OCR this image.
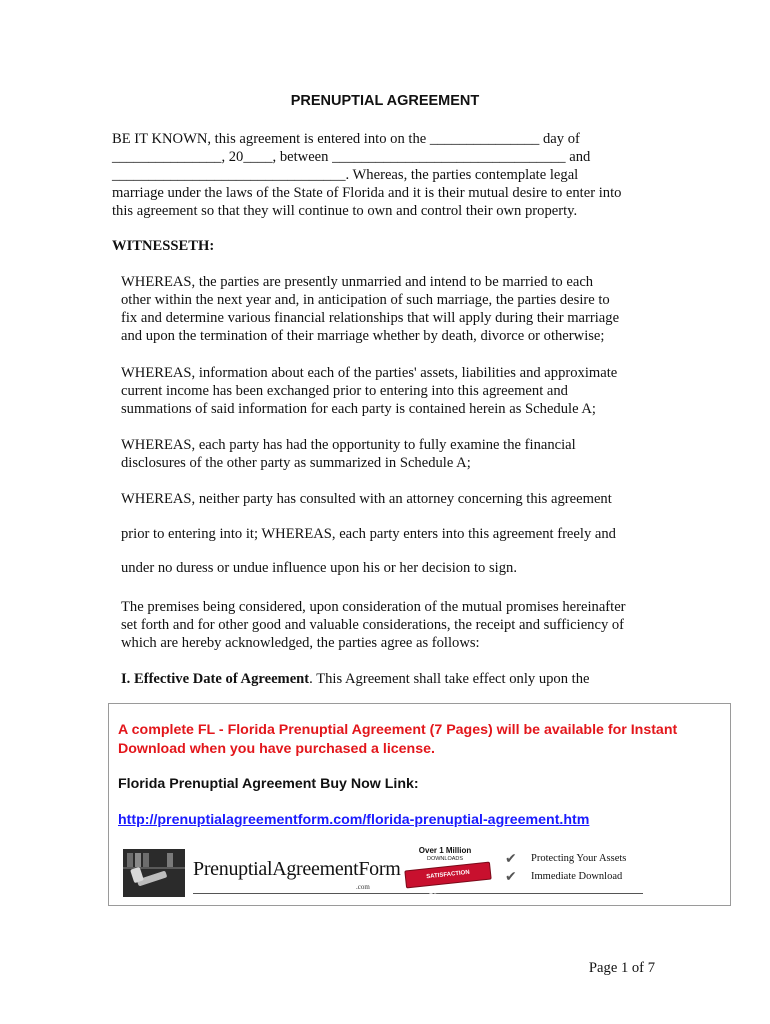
PRENUPTIAL AGREEMENT
BE IT KNOWN, this agreement is entered into on the _______________ day of
_______________, 20____, between ________________________________ and
________________________________. Whereas, the parties contemplate legal
marriage under the laws of the State of Florida and it is their mutual desire to enter into
this agreement so that they will continue to own and control their own property.
WITNESSETH:
WHEREAS, the parties are presently unmarried and intend to be married to each
other within the next year and, in anticipation of such marriage, the parties desire to
fix and determine various financial relationships that will apply during their marriage
and upon the termination of their marriage whether by death, divorce or otherwise;
WHEREAS, information about each of the parties' assets, liabilities and approximate
current income has been exchanged prior to entering into this agreement and
summations of said information for each party is contained herein as Schedule A;
WHEREAS, each party has had the opportunity to fully examine the financial
disclosures of the other party as summarized in Schedule A;
WHEREAS, neither party has consulted with an attorney concerning this agreement
prior to entering into it; WHEREAS, each party enters into this agreement freely and
under no duress or undue influence upon his or her decision to sign.
The premises being considered, upon consideration of the mutual promises hereinafter
set forth and for other good and valuable considerations, the receipt and sufficiency of
which are hereby acknowledged, the parties agree as follows:
I. Effective Date of Agreement. This Agreement shall take effect only upon the
A complete FL - Florida Prenuptial Agreement (7 Pages) will be available for Instant Download when you have purchased a license.
Florida Prenuptial Agreement Buy Now Link:
http://prenuptialagreementform.com/florida-prenuptial-agreement.htm
PrenuptialAgreementForm
.com
Over 1 Million
DOWNLOADS
SATISFACTION GUARANTEED
✔ Protecting Your Assets
✔ Immediate Download
Page 1 of 7
